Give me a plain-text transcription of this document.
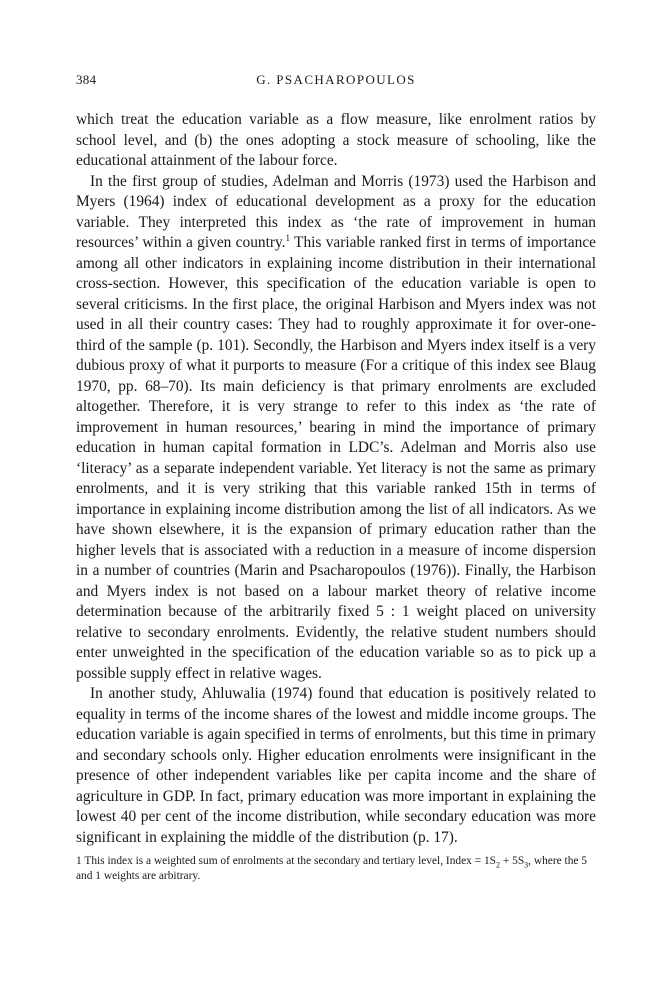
384	G. PSACHAROPOULOS

which treat the education variable as a flow measure, like enrolment ratios by school level, and (b) the ones adopting a stock measure of schooling, like the educational attainment of the labour force.

In the first group of studies, Adelman and Morris (1973) used the Harbison and Myers (1964) index of educational development as a proxy for the education variable. They interpreted this index as ‘the rate of improvement in human resources’ within a given country.$^1$ This variable ranked first in terms of importance among all other indicators in explaining income distribution in their international cross-section. However, this specification of the education variable is open to several criticisms. In the first place, the original Harbison and Myers index was not used in all their country cases: They had to roughly approximate it for over-one-third of the sample (p. 101). Secondly, the Harbison and Myers index itself is a very dubious proxy of what it purports to measure (For a critique of this index see Blaug 1970, pp. 68–70). Its main deficiency is that primary enrolments are excluded altogether. Therefore, it is very strange to refer to this index as ‘the rate of improvement in human resources,’ bearing in mind the importance of primary education in human capital formation in LDC’s. Adelman and Morris also use ‘literacy’ as a separate independent variable. Yet literacy is not the same as primary enrolments, and it is very striking that this variable ranked 15th in terms of importance in explaining income distribution among the list of all indicators. As we have shown elsewhere, it is the expansion of primary education rather than the higher levels that is associated with a reduction in a measure of income dispersion in a number of countries (Marin and Psacharopoulos (1976)). Finally, the Harbison and Myers index is not based on a labour market theory of relative income determination because of the arbitrarily fixed 5 : 1 weight placed on university relative to secondary enrolments. Evidently, the relative student numbers should enter unweighted in the specification of the education variable so as to pick up a possible supply effect in relative wages.

In another study, Ahluwalia (1974) found that education is positively related to equality in terms of the income shares of the lowest and middle income groups. The education variable is again specified in terms of enrolments, but this time in primary and secondary schools only. Higher education enrolments were insignificant in the presence of other independent variables like per capita income and the share of agriculture in GDP. In fact, primary education was more important in explaining the lowest 40 per cent of the income distribution, while secondary education was more significant in explaining the middle of the distribution (p. 17).

1 This index is a weighted sum of enrolments at the secondary and tertiary level, Index = $1S_2 + 5S_3$, where the 5 and 1 weights are arbitrary.
